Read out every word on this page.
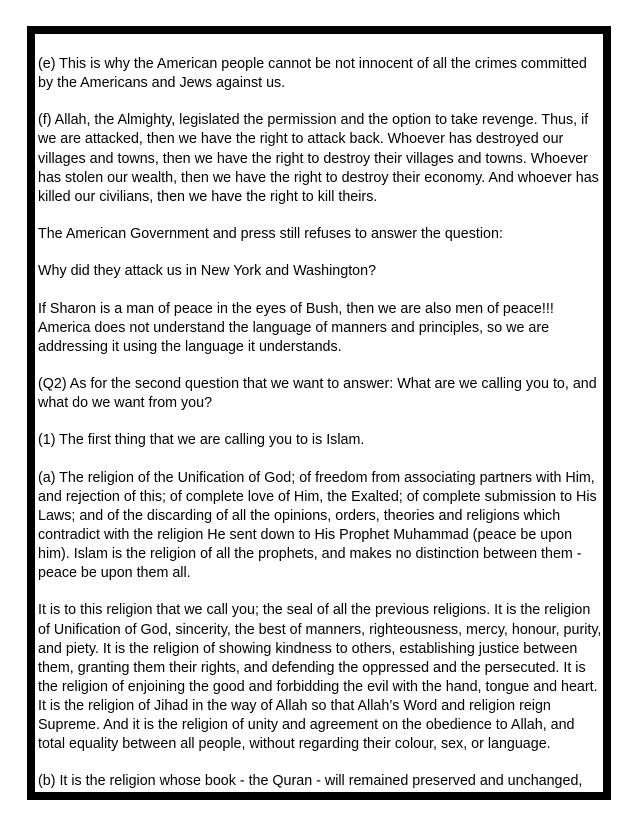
(e) This is why the American people cannot be not innocent of all the crimes committed by the Americans and Jews against us.

(f) Allah, the Almighty, legislated the permission and the option to take revenge. Thus, if we are attacked, then we have the right to attack back. Whoever has destroyed our villages and towns, then we have the right to destroy their villages and towns. Whoever has stolen our wealth, then we have the right to destroy their economy. And whoever has killed our civilians, then we have the right to kill theirs.

The American Government and press still refuses to answer the question:

Why did they attack us in New York and Washington?

If Sharon is a man of peace in the eyes of Bush, then we are also men of peace!!! America does not understand the language of manners and principles, so we are addressing it using the language it understands.

(Q2) As for the second question that we want to answer: What are we calling you to, and what do we want from you?

(1) The first thing that we are calling you to is Islam.

(a) The religion of the Unification of God; of freedom from associating partners with Him, and rejection of this; of complete love of Him, the Exalted; of complete submission to His Laws; and of the discarding of all the opinions, orders, theories and religions which contradict with the religion He sent down to His Prophet Muhammad (peace be upon him). Islam is the religion of all the prophets, and makes no distinction between them - peace be upon them all.

It is to this religion that we call you; the seal of all the previous religions. It is the religion of Unification of God, sincerity, the best of manners, righteousness, mercy, honour, purity, and piety. It is the religion of showing kindness to others, establishing justice between them, granting them their rights, and defending the oppressed and the persecuted. It is the religion of enjoining the good and forbidding the evil with the hand, tongue and heart. It is the religion of Jihad in the way of Allah so that Allah’s Word and religion reign Supreme. And it is the religion of unity and agreement on the obedience to Allah, and total equality between all people, without regarding their colour, sex, or language.

(b) It is the religion whose book - the Quran - will remained preserved and unchanged,
